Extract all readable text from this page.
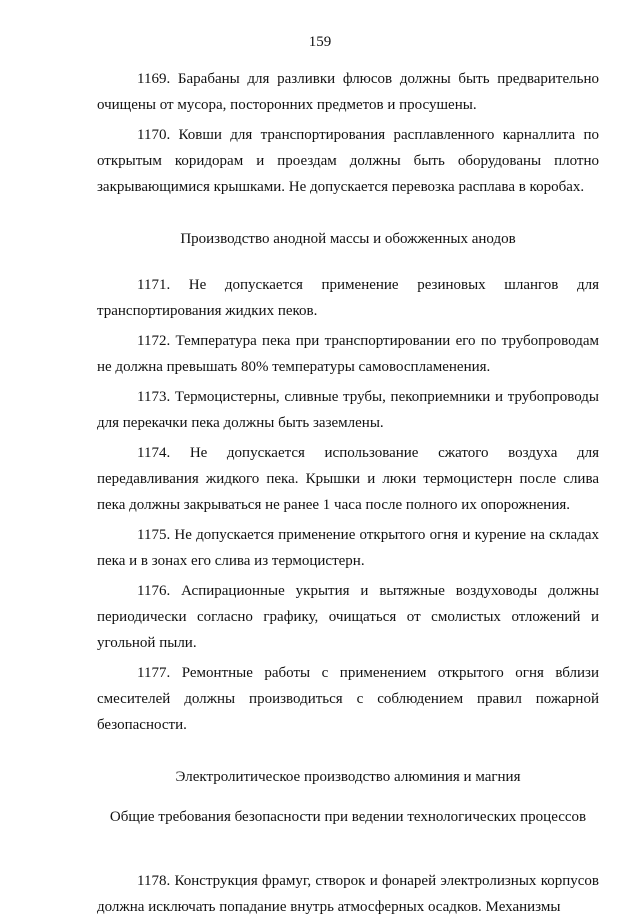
159

1169. Барабаны для разливки флюсов должны быть предварительно очищены от мусора, посторонних предметов и просушены.

1170. Ковши для транспортирования расплавленного карналлита по открытым коридорам и проездам должны быть оборудованы плотно закрывающимися крышками. Не допускается перевозка расплава в коробах.

Производство анодной массы и обожженных анодов

1171. Не допускается применение резиновых шлангов для транспортирования жидких пеков.

1172. Температура пека при транспортировании его по трубопроводам не должна превышать 80% температуры самовоспламенения.

1173. Термоцистерны, сливные трубы, пекоприемники и трубопроводы для перекачки пека должны быть заземлены.

1174. Не допускается использование сжатого воздуха для передавливания жидкого пека. Крышки и люки термоцистерн после слива пека должны закрываться не ранее 1 часа после полного их опорожнения.

1175. Не допускается применение открытого огня и курение на складах пека и в зонах его слива из термоцистерн.

1176. Аспирационные укрытия и вытяжные воздуховоды должны периодически согласно графику, очищаться от смолистых отложений и угольной пыли.

1177. Ремонтные работы с применением открытого огня вблизи смесителей должны производиться с соблюдением правил пожарной безопасности.

Электролитическое производство алюминия и магния

Общие требования безопасности при ведении технологических процессов

1178. Конструкция фрамуг, створок и фонарей электролизных корпусов должна исключать попадание внутрь атмосферных осадков. Механизмы
